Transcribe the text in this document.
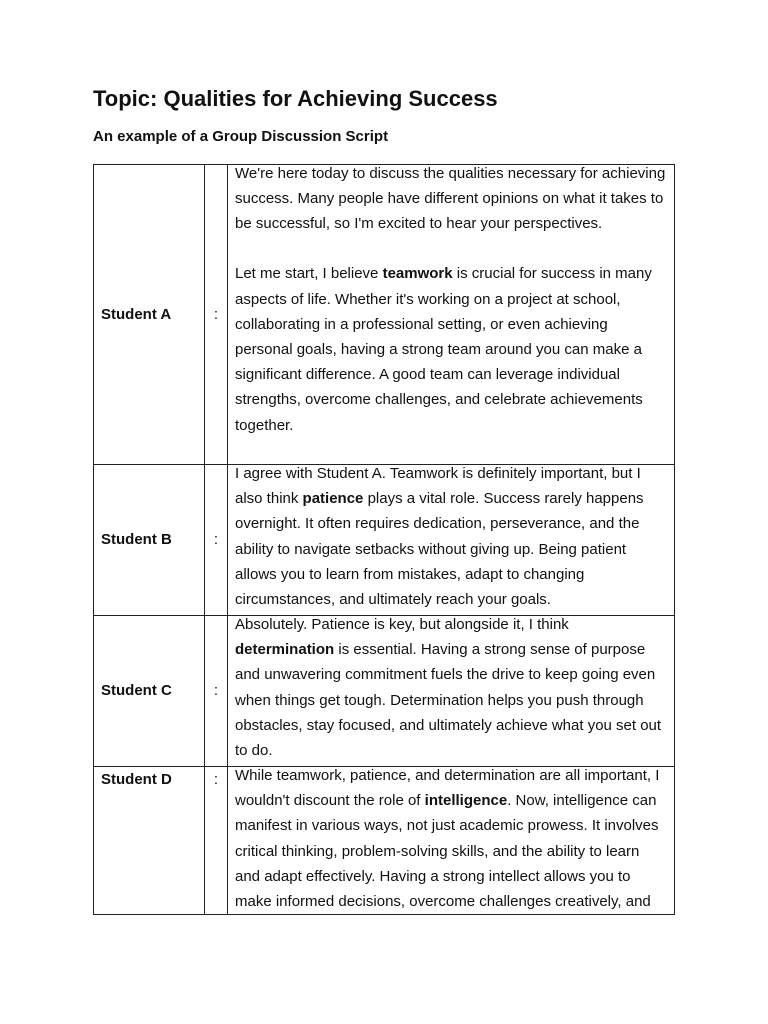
Topic: Qualities for Achieving Success
An example of a Group Discussion Script
Student A	:	We're here today to discuss the qualities necessary for achieving success. Many people have different opinions on what it takes to be successful, so I'm excited to hear your perspectives.

Let me start, I believe teamwork is crucial for success in many aspects of life. Whether it's working on a project at school, collaborating in a professional setting, or even achieving personal goals, having a strong team around you can make a significant difference. A good team can leverage individual strengths, overcome challenges, and celebrate achievements together.

Student B	:	I agree with Student A. Teamwork is definitely important, but I also think patience plays a vital role. Success rarely happens overnight. It often requires dedication, perseverance, and the ability to navigate setbacks without giving up. Being patient allows you to learn from mistakes, adapt to changing circumstances, and ultimately reach your goals.

Student C	:	Absolutely. Patience is key, but alongside it, I think determination is essential. Having a strong sense of purpose and unwavering commitment fuels the drive to keep going even when things get tough. Determination helps you push through obstacles, stay focused, and ultimately achieve what you set out to do.

Student D	:	While teamwork, patience, and determination are all important, I wouldn't discount the role of intelligence. Now, intelligence can manifest in various ways, not just academic prowess. It involves critical thinking, problem-solving skills, and the ability to learn and adapt effectively. Having a strong intellect allows you to make informed decisions, overcome challenges creatively, and
